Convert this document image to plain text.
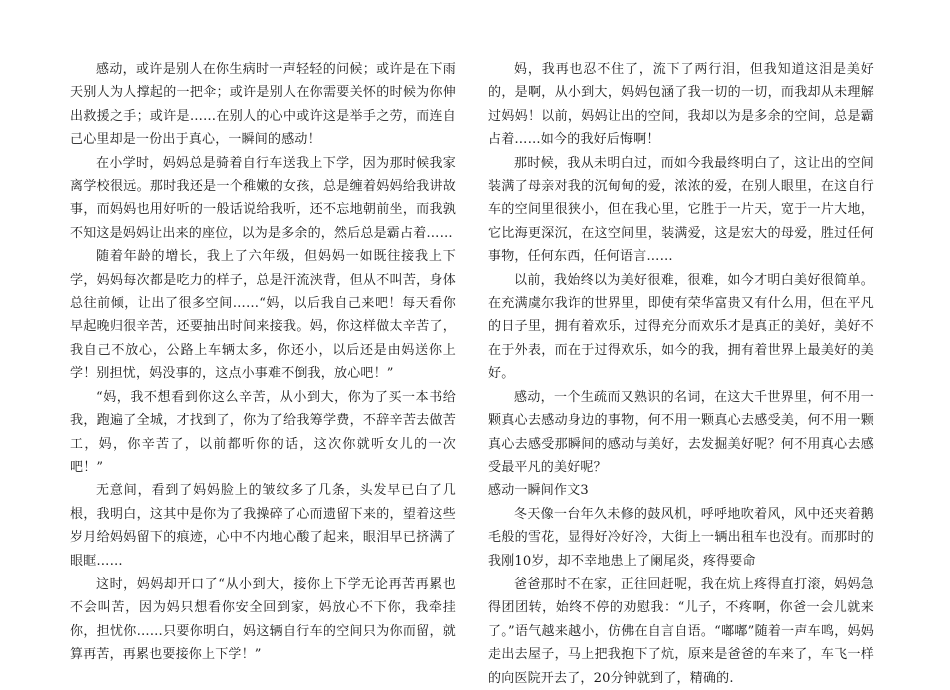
感动，或许是别人在你生病时一声轻轻的问候；或许是在下雨天别人为人撑起的一把伞；或许是别人在你需要关怀的时候为你伸出救援之手；或许是……在别人的心中或许这是举手之劳，而连自己心里却是一份出于真心，一瞬间的感动！

在小学时，妈妈总是骑着自行车送我上下学，因为那时候我家离学校很远。那时我还是一个稚嫩的女孩，总是缠着妈妈给我讲故事，而妈妈也用好听的一般话说给我听，还不忘地朝前坐，而我孰不知这是妈妈让出来的座位，以为是多余的，然后总是霸占着……

随着年龄的增长，我上了六年级，但妈妈一如既往接我上下学，妈妈每次都是吃力的样子，总是汗流浃背，但从不叫苦，身体总往前倾，让出了很多空间……“妈，以后我自己来吧！每天看你早起晚归很辛苦，还要抽出时间来接我。妈，你这样做太辛苦了，我自己不放心，公路上车辆太多，你还小，以后还是由妈送你上学！别担忧，妈没事的，这点小事难不倒我，放心吧！”

“妈，我不想看到你这么辛苦，从小到大，你为了买一本书给我，跑遍了全城，才找到了，你为了给我筹学费，不辞辛苦去做苦工，妈，你辛苦了，以前都听你的话，这次你就听女儿的一次吧！”

无意间，看到了妈妈脸上的皱纹多了几条，头发早已白了几根，我明白，这其中是你为了我操碎了心而遗留下来的，望着这些岁月给妈妈留下的痕迹，心中不内地心酸了起来，眼泪早已挤满了眼眶……

这时，妈妈却开口了“从小到大，接你上下学无论再苦再累也不会叫苦，因为妈只想看你安全回到家，妈放心不下你，我牵挂你，担忧你……只要你明白，妈这辆自行车的空间只为你而留，就算再苦，再累也要接你上下学！”

妈，我再也忍不住了，流下了两行泪，但我知道这泪是美好的，是啊，从小到大，妈妈包涵了我一切的一切，而我却从未理解过妈妈！以前，妈妈让出的空间，我却以为是多余的空间，总是霸占着……如今的我好后悔啊！

那时候，我从未明白过，而如今我最终明白了，这让出的空间装满了母亲对我的沉甸甸的爱，浓浓的爱，在别人眼里，在这自行车的空间里很狭小，但在我心里，它胜于一片天，宽于一片大地，它比海更深沉，在这空间里，装满爱，这是宏大的母爱，胜过任何事物，任何东西，任何语言……

以前，我始终以为美好很难，很难，如今才明白美好很简单。在充满虞尔我诈的世界里，即使有荣华富贵又有什么用，但在平凡的日子里，拥有着欢乐，过得充分而欢乐才是真正的美好，美好不在于外表，而在于过得欢乐，如今的我，拥有着世界上最美好的美好。

感动，一个生疏而又熟识的名词，在这大千世界里，何不用一颗真心去感动身边的事物，何不用一颗真心去感受美，何不用一颗真心去感受那瞬间的感动与美好，去发掘美好呢？何不用真心去感受最平凡的美好呢？

感动一瞬间作文3

冬天像一台年久未修的鼓风机，呼呼地吹着风，风中还夹着鹅毛般的雪花，显得好冷好冷，大街上一辆出租车也没有。而那时的我刚10岁，却不幸地患上了阑尾炎，疼得要命

爸爸那时不在家，正往回赶呢，我在炕上疼得直打滚，妈妈急得团团转，始终不停的劝慰我：“儿子，不疼啊，你爸一会儿就来了。”语气越来越小，仿佛在自言自语。“嘟嘟”随着一声车鸣，妈妈走出去屋子，马上把我抱下了炕，原来是爸爸的车来了，车飞一样的向医院开去了，20分钟就到了，精确的.
